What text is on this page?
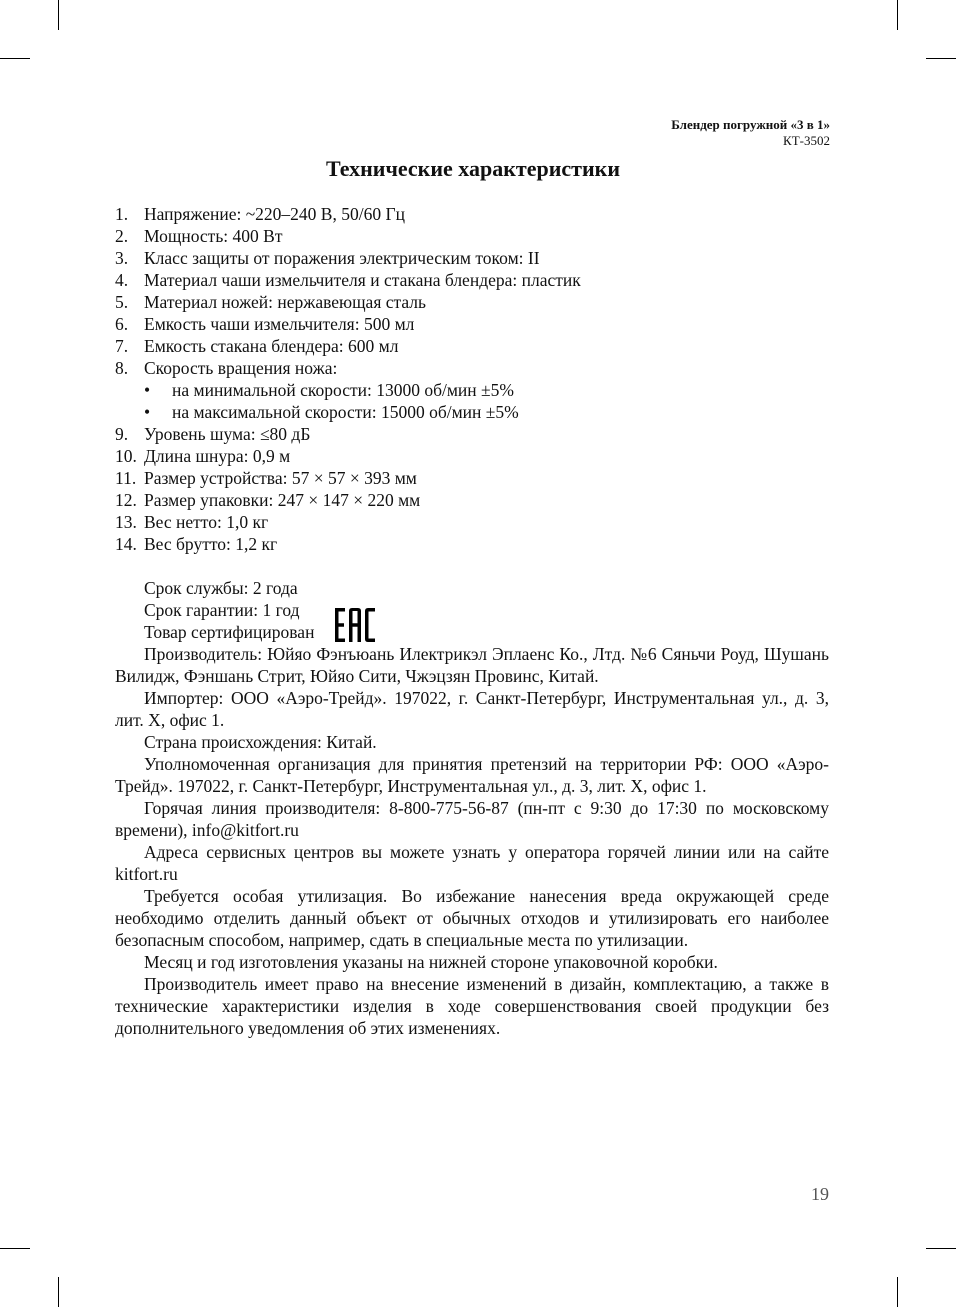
Блендер погружной «3 в 1»
КТ-3502
Технические характеристики
1. Напряжение: ~220–240 В, 50/60 Гц
2. Мощность: 400 Вт
3. Класс защиты от поражения электрическим током: II
4. Материал чаши измельчителя и стакана блендера: пластик
5. Материал ножей: нержавеющая сталь
6. Емкость чаши измельчителя: 500 мл
7. Емкость стакана блендера: 600 мл
8. Скорость вращения ножа:
•	на минимальной скорости: 13000 об/мин ±5%
•	на максимальной скорости: 15000 об/мин ±5%
9. Уровень шума: ≤80 дБ
10. Длина шнура: 0,9 м
11. Размер устройства: 57 × 57 × 393 мм
12. Размер упаковки: 247 × 147 × 220 мм
13. Вес нетто: 1,0 кг
14. Вес брутто: 1,2 кг
Срок службы: 2 года
Срок гарантии: 1 год
Товар сертифицирован

Производитель: Юйяо Фэнъюань Илектрикэл Эплаенс Ко., Лтд. №6 Сяньчи Роуд, Шушань Вилидж, Фэншань Стрит, Юйяо Сити, Чжэцзян Провинс, Китай.

Импортер: ООО «Аэро-Трейд». 197022, г. Санкт-Петербург, Инструментальная ул., д. 3, лит. Х, офис 1.

Страна происхождения: Китай.

Уполномоченная организация для принятия претензий на территории РФ: ООО «Аэро-Трейд». 197022, г. Санкт-Петербург, Инструментальная ул., д. 3, лит. Х, офис 1.

Горячая линия производителя: 8-800-775-56-87 (пн-пт с 9:30 до 17:30 по московскому времени), info@kitfort.ru

Адреса сервисных центров вы можете узнать у оператора горячей линии или на сайте kitfort.ru

Требуется особая утилизация. Во избежание нанесения вреда окружающей среде необходимо отделить данный объект от обычных отходов и утилизировать его наиболее безопасным способом, например, сдать в специальные места по утилизации.

Месяц и год изготовления указаны на нижней стороне упаковочной коробки.

Производитель имеет право на внесение изменений в дизайн, комплектацию, а также в технические характеристики изделия в ходе совершенствования своей продукции без дополнительного уведомления об этих изменениях.

19
